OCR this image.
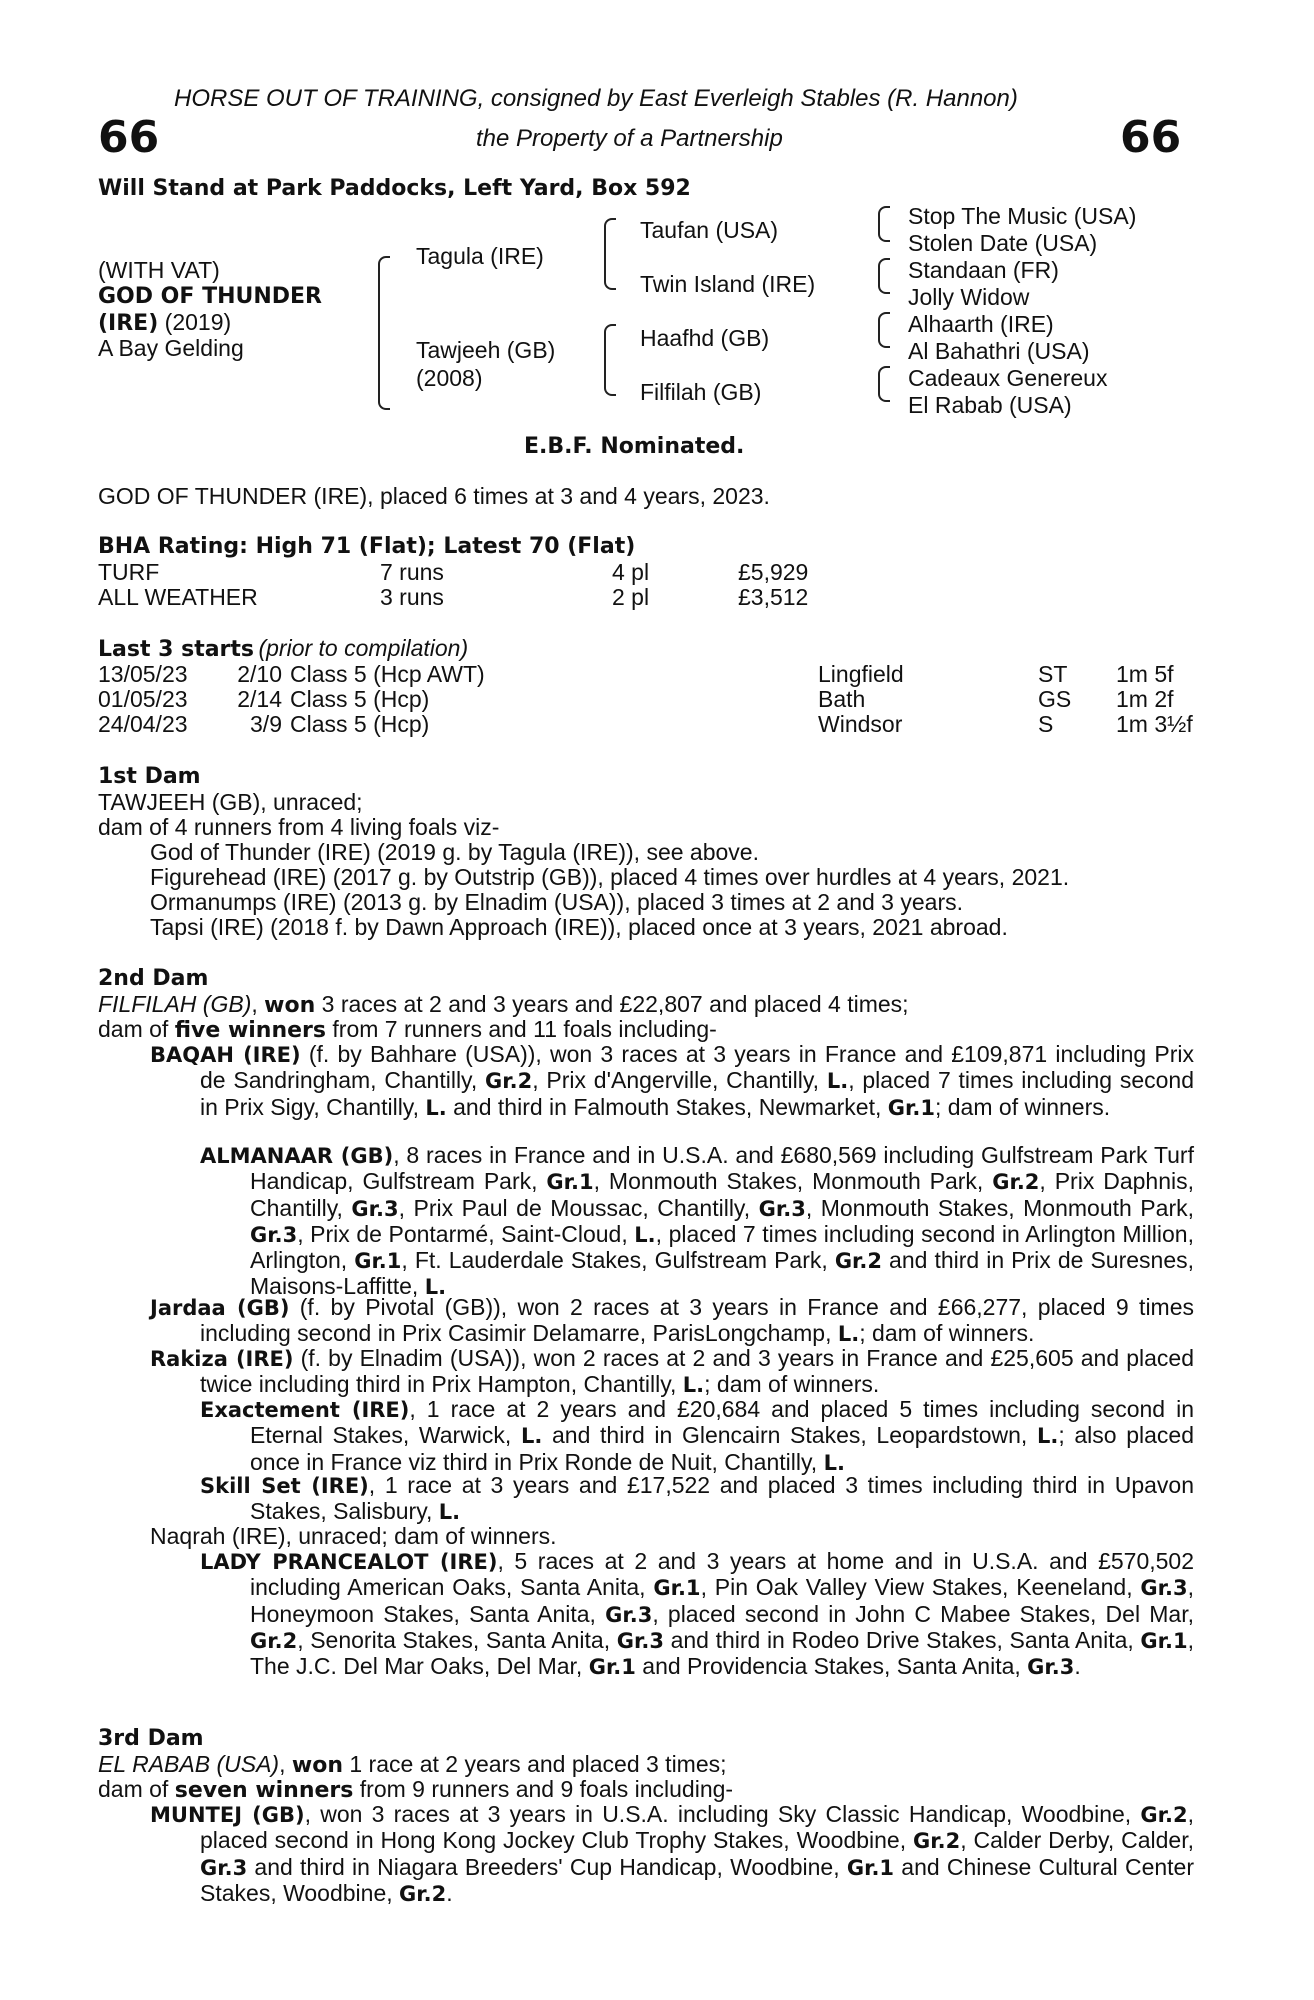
HORSE OUT OF TRAINING, consigned by East Everleigh Stables (R. Hannon)
66	the Property of a Partnership	66
Will Stand at Park Paddocks, Left Yard, Box 592
(WITH VAT)
GOD OF THUNDER
(IRE) (2019)
A Bay Gelding
Tagula (IRE)
Tawjeeh (GB)
(2008)
Taufan (USA)
Twin Island (IRE)
Haafhd (GB)
Filfilah (GB)
Stop The Music (USA)
Stolen Date (USA)
Standaan (FR)
Jolly Widow
Alhaarth (IRE)
Al Bahathri (USA)
Cadeaux Genereux
El Rabab (USA)
E.B.F. Nominated.
GOD OF THUNDER (IRE), placed 6 times at 3 and 4 years, 2023.
BHA Rating: High 71 (Flat); Latest 70 (Flat)
TURF	7 runs	4 pl	£5,929
ALL WEATHER	3 runs	2 pl	£3,512
Last 3 starts (prior to compilation)
13/05/23	2/10 Class 5 (Hcp AWT)	Lingfield	ST 1m 5f
01/05/23	2/14 Class 5 (Hcp)	Bath	GS 1m 2f
24/04/23	3/9 Class 5 (Hcp)	Windsor	S	1m 3½f
1st Dam
TAWJEEH (GB), unraced;
dam of 4 runners from 4 living foals viz-
God of Thunder (IRE) (2019 g. by Tagula (IRE)), see above.
Figurehead (IRE) (2017 g. by Outstrip (GB)), placed 4 times over hurdles at 4 years, 2021.
Ormanumps (IRE) (2013 g. by Elnadim (USA)), placed 3 times at 2 and 3 years.
Tapsi (IRE) (2018 f. by Dawn Approach (IRE)), placed once at 3 years, 2021 abroad.
2nd Dam
FILFILAH (GB), won 3 races at 2 and 3 years and £22,807 and placed 4 times;
dam of five winners from 7 runners and 11 foals including-
BAQAH (IRE) (f. by Bahhare (USA)), won 3 races at 3 years in France and £109,871 including Prix de Sandringham, Chantilly, Gr.2, Prix d'Angerville, Chantilly, L., placed 7 times including second in Prix Sigy, Chantilly, L. and third in Falmouth Stakes, Newmarket, Gr.1; dam of winners.
ALMANAAR (GB), 8 races in France and in U.S.A. and £680,569 including Gulfstream Park Turf Handicap, Gulfstream Park, Gr.1, Monmouth Stakes, Monmouth Park, Gr.2, Prix Daphnis, Chantilly, Gr.3, Prix Paul de Moussac, Chantilly, Gr.3, Monmouth Stakes, Monmouth Park, Gr.3, Prix de Pontarmé, Saint-Cloud, L., placed 7 times including second in Arlington Million, Arlington, Gr.1, Ft. Lauderdale Stakes, Gulfstream Park, Gr.2 and third in Prix de Suresnes, Maisons-Laffitte, L.
Jardaa (GB) (f. by Pivotal (GB)), won 2 races at 3 years in France and £66,277, placed 9 times including second in Prix Casimir Delamarre, ParisLongchamp, L.; dam of winners.
Rakiza (IRE) (f. by Elnadim (USA)), won 2 races at 2 and 3 years in France and £25,605 and placed twice including third in Prix Hampton, Chantilly, L.; dam of winners.
Exactement (IRE), 1 race at 2 years and £20,684 and placed 5 times including second in Eternal Stakes, Warwick, L. and third in Glencairn Stakes, Leopardstown, L.; also placed once in France viz third in Prix Ronde de Nuit, Chantilly, L.
Skill Set (IRE), 1 race at 3 years and £17,522 and placed 3 times including third in Upavon Stakes, Salisbury, L.
Naqrah (IRE), unraced; dam of winners.
LADY PRANCEALOT (IRE), 5 races at 2 and 3 years at home and in U.S.A. and £570,502 including American Oaks, Santa Anita, Gr.1, Pin Oak Valley View Stakes, Keeneland, Gr.3, Honeymoon Stakes, Santa Anita, Gr.3, placed second in John C Mabee Stakes, Del Mar, Gr.2, Senorita Stakes, Santa Anita, Gr.3 and third in Rodeo Drive Stakes, Santa Anita, Gr.1, The J.C. Del Mar Oaks, Del Mar, Gr.1 and Providencia Stakes, Santa Anita, Gr.3.
3rd Dam
EL RABAB (USA), won 1 race at 2 years and placed 3 times;
dam of seven winners from 9 runners and 9 foals including-
MUNTEJ (GB), won 3 races at 3 years in U.S.A. including Sky Classic Handicap, Woodbine, Gr.2, placed second in Hong Kong Jockey Club Trophy Stakes, Woodbine, Gr.2, Calder Derby, Calder, Gr.3 and third in Niagara Breeders' Cup Handicap, Woodbine, Gr.1 and Chinese Cultural Center Stakes, Woodbine, Gr.2.
